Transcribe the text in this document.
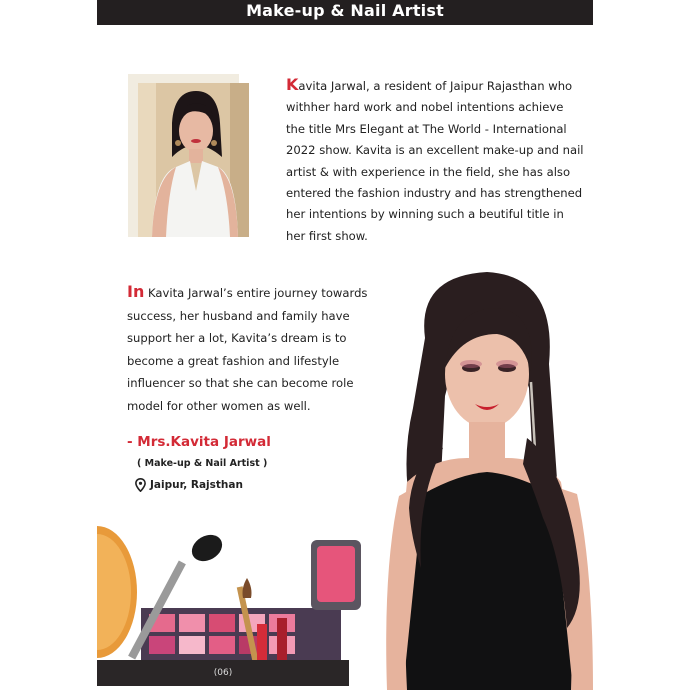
Make-up & Nail Artist
Kavita Jarwal, a resident of Jaipur Rajasthan who withher hard work and nobel intentions achieve the title Mrs Elegant at The World - International 2022 show. Kavita is an excellent make-up and nail artist & with experience in the field, she has also entered the fashion industry and has strengthened her intentions by winning such a beutiful title in her first show.
In Kavita Jarwal’s entire journey towards success, her husband and family have support her a lot, Kavita’s dream is to become a great fashion and lifestyle influencer so that she can become role model for other women as well.
- Mrs.Kavita Jarwal
( Make-up & Nail Artist )
Jaipur, Rajsthan
(06)
